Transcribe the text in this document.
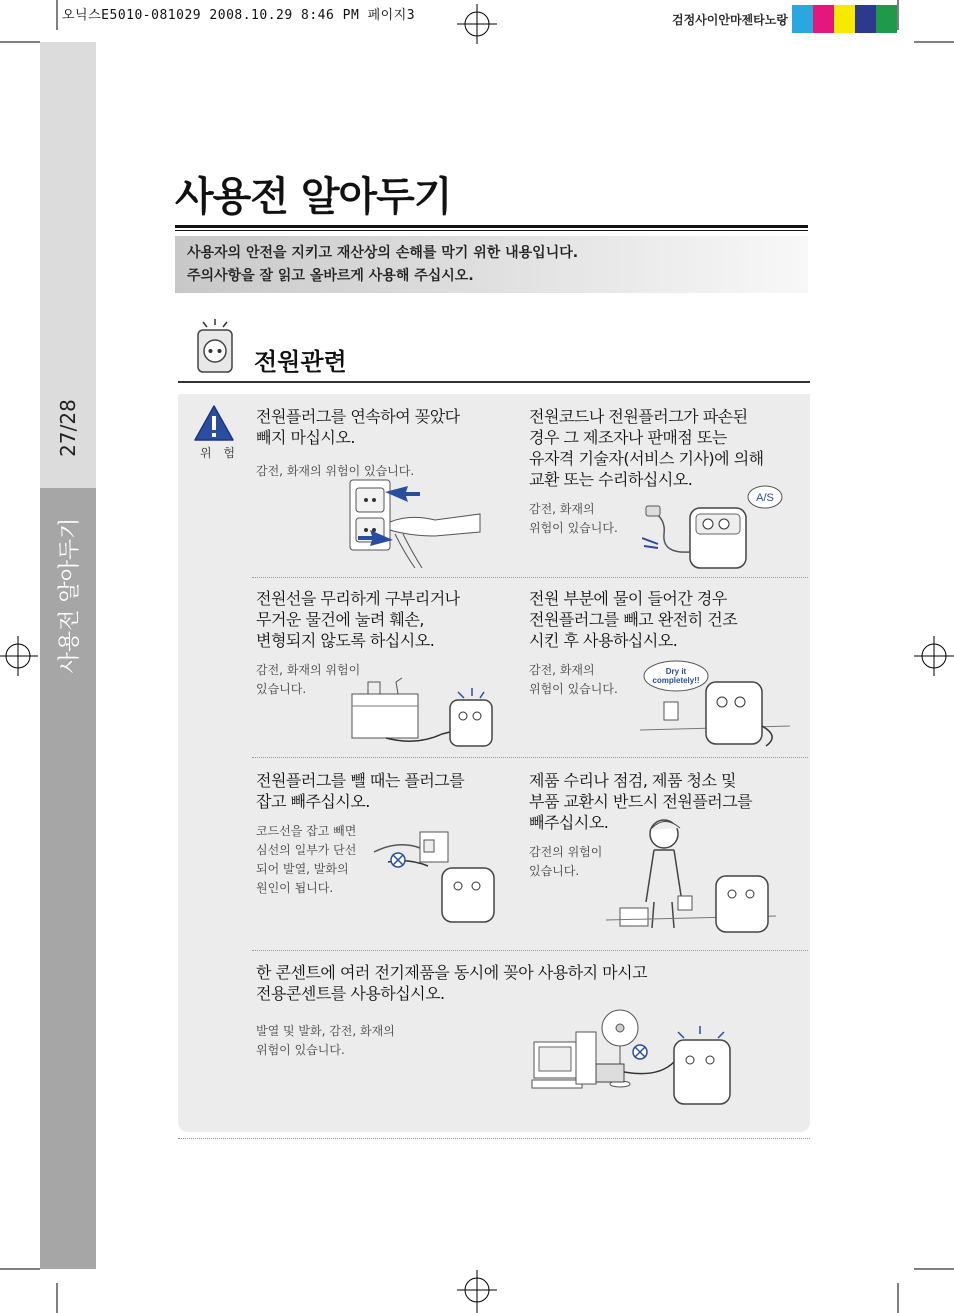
오닉스E5010-081029 2008.10.29 8:46 PM 페이지3	검정사이안마젠타노랑
27/28
사용전 알아두기
사용전 알아두기
사용자의 안전을 지키고 재산상의 손해를 막기 위한 내용입니다.
주의사항을 잘 읽고 올바르게 사용해 주십시오.
전원관련
위 험
전원플러그를 연속하여 꽂았다
빼지 마십시오.
감전, 화재의 위험이 있습니다.
전원코드나 전원플러그가 파손된
경우 그 제조자나 판매점 또는
유자격 기술자(서비스 기사)에 의해
교환 또는 수리하십시오.
감전, 화재의
위험이 있습니다.
A/S
전원선을 무리하게 구부리거나
무거운 물건에 눌려 훼손,
변형되지 않도록 하십시오.
감전, 화재의 위험이
있습니다.
전원 부분에 물이 들어간 경우
전원플러그를 빼고 완전히 건조
시킨 후 사용하십시오.
감전, 화재의
위험이 있습니다.
Dry it
completely!!
전원플러그를 뺄 때는 플러그를
잡고 빼주십시오.
코드선을 잡고 빼면
심선의 일부가 단선
되어 발열, 발화의
원인이 됩니다.
제품 수리나 점검, 제품 청소 및
부품 교환시 반드시 전원플러그를
빼주십시오.
감전의 위험이
있습니다.
한 콘센트에 여러 전기제품을 동시에 꽂아 사용하지 마시고
전용콘센트를 사용하십시오.
발열 및 발화, 감전, 화재의
위험이 있습니다.
